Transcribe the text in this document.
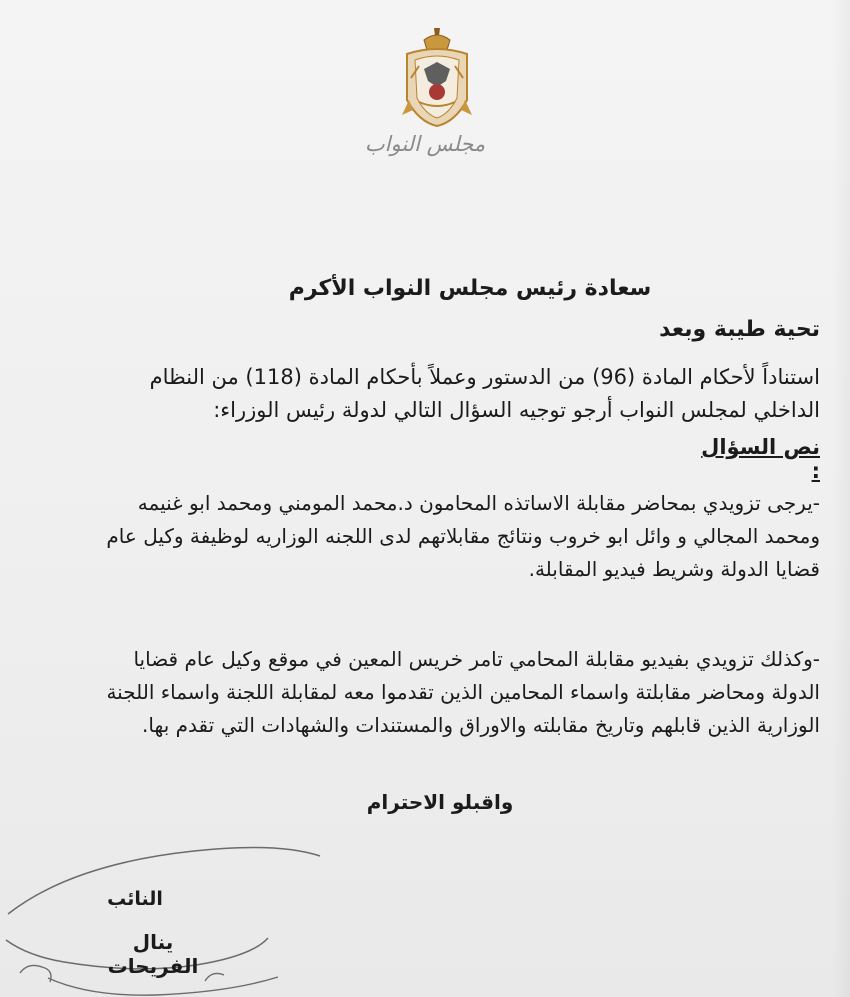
مجلس النواب
سعادة رئيس مجلس النواب الأكرم
تحية طيبة وبعد
استناداً لأحكام المادة (96) من الدستور وعملاً بأحكام المادة (118) من النظام الداخلي لمجلس النواب أرجو توجيه السؤال التالي لدولة رئيس الوزراء:
نص السؤال :
-يرجى تزويدي بمحاضر مقابلة الاساتذه المحامون د.محمد المومني ومحمد ابو غنيمه ومحمد المجالي و وائل ابو خروب ونتائج مقابلاتهم لدى اللجنه الوزاريه لوظيفة وكيل عام قضايا الدولة وشريط فيديو المقابلة.
-وكذلك تزويدي بفيديو مقابلة المحامي تامر خريس المعين في موقع وكيل عام قضايا الدولة ومحاضر مقابلتة واسماء المحامين الذين تقدموا معه لمقابلة اللجنة واسماء اللجنة الوزارية الذين قابلهم وتاريخ مقابلته والاوراق والمستندات والشهادات التي تقدم بها.
واقبلو الاحترام
النائب
ينال الفريحات
